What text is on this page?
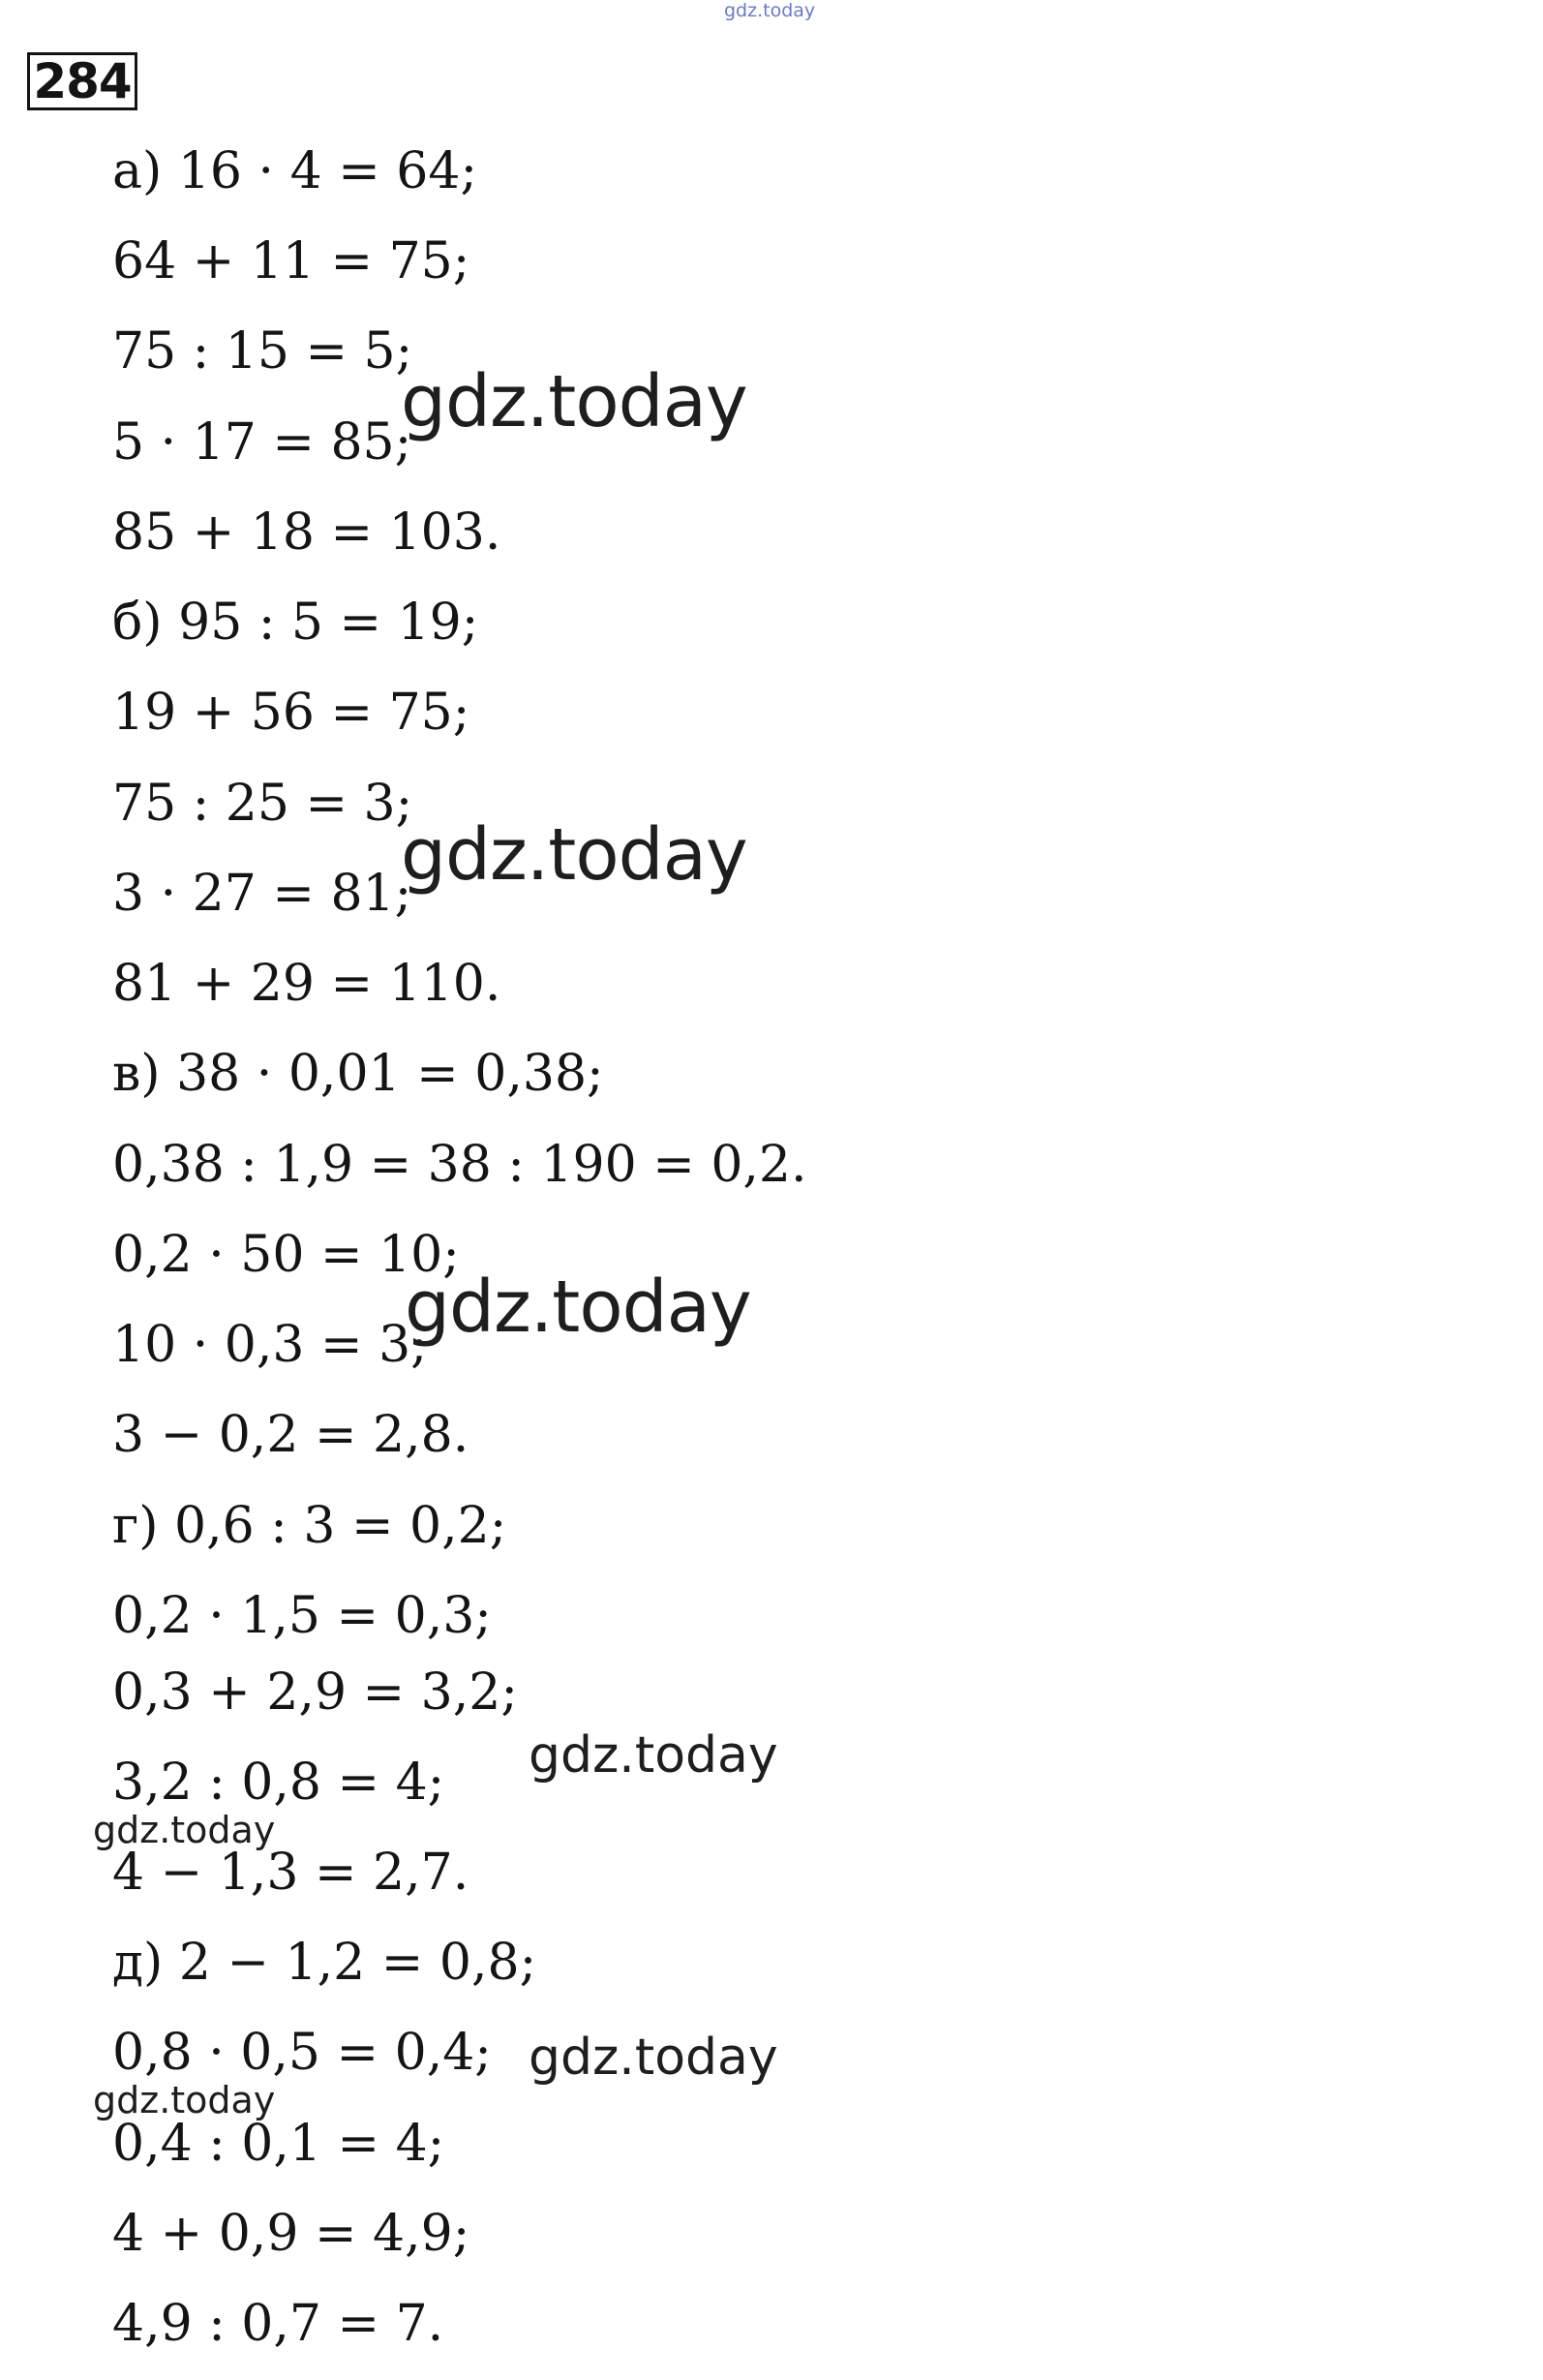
gdz.today
284
а) 16 · 4 = 64;
64 + 11 = 75;
75 : 15 = 5;
5 · 17 = 85;
85 + 18 = 103.
б) 95 : 5 = 19;
19 + 56 = 75;
75 : 25 = 3;
3 · 27 = 81;
81 + 29 = 110.
в) 38 · 0,01 = 0,38;
0,38 : 1,9 = 38 : 190 = 0,2.
0,2 · 50 = 10;
10 · 0,3 = 3;
3 − 0,2 = 2,8.
г) 0,6 : 3 = 0,2;
0,2 · 1,5 = 0,3;
0,3 + 2,9 = 3,2;
3,2 : 0,8 = 4;
4 − 1,3 = 2,7.
д) 2 − 1,2 = 0,8;
0,8 · 0,5 = 0,4;
0,4 : 0,1 = 4;
4 + 0,9 = 4,9;
4,9 : 0,7 = 7.
gdz.today
gdz.today
gdz.today
gdz.today
gdz.today
gdz.today
gdz.today
